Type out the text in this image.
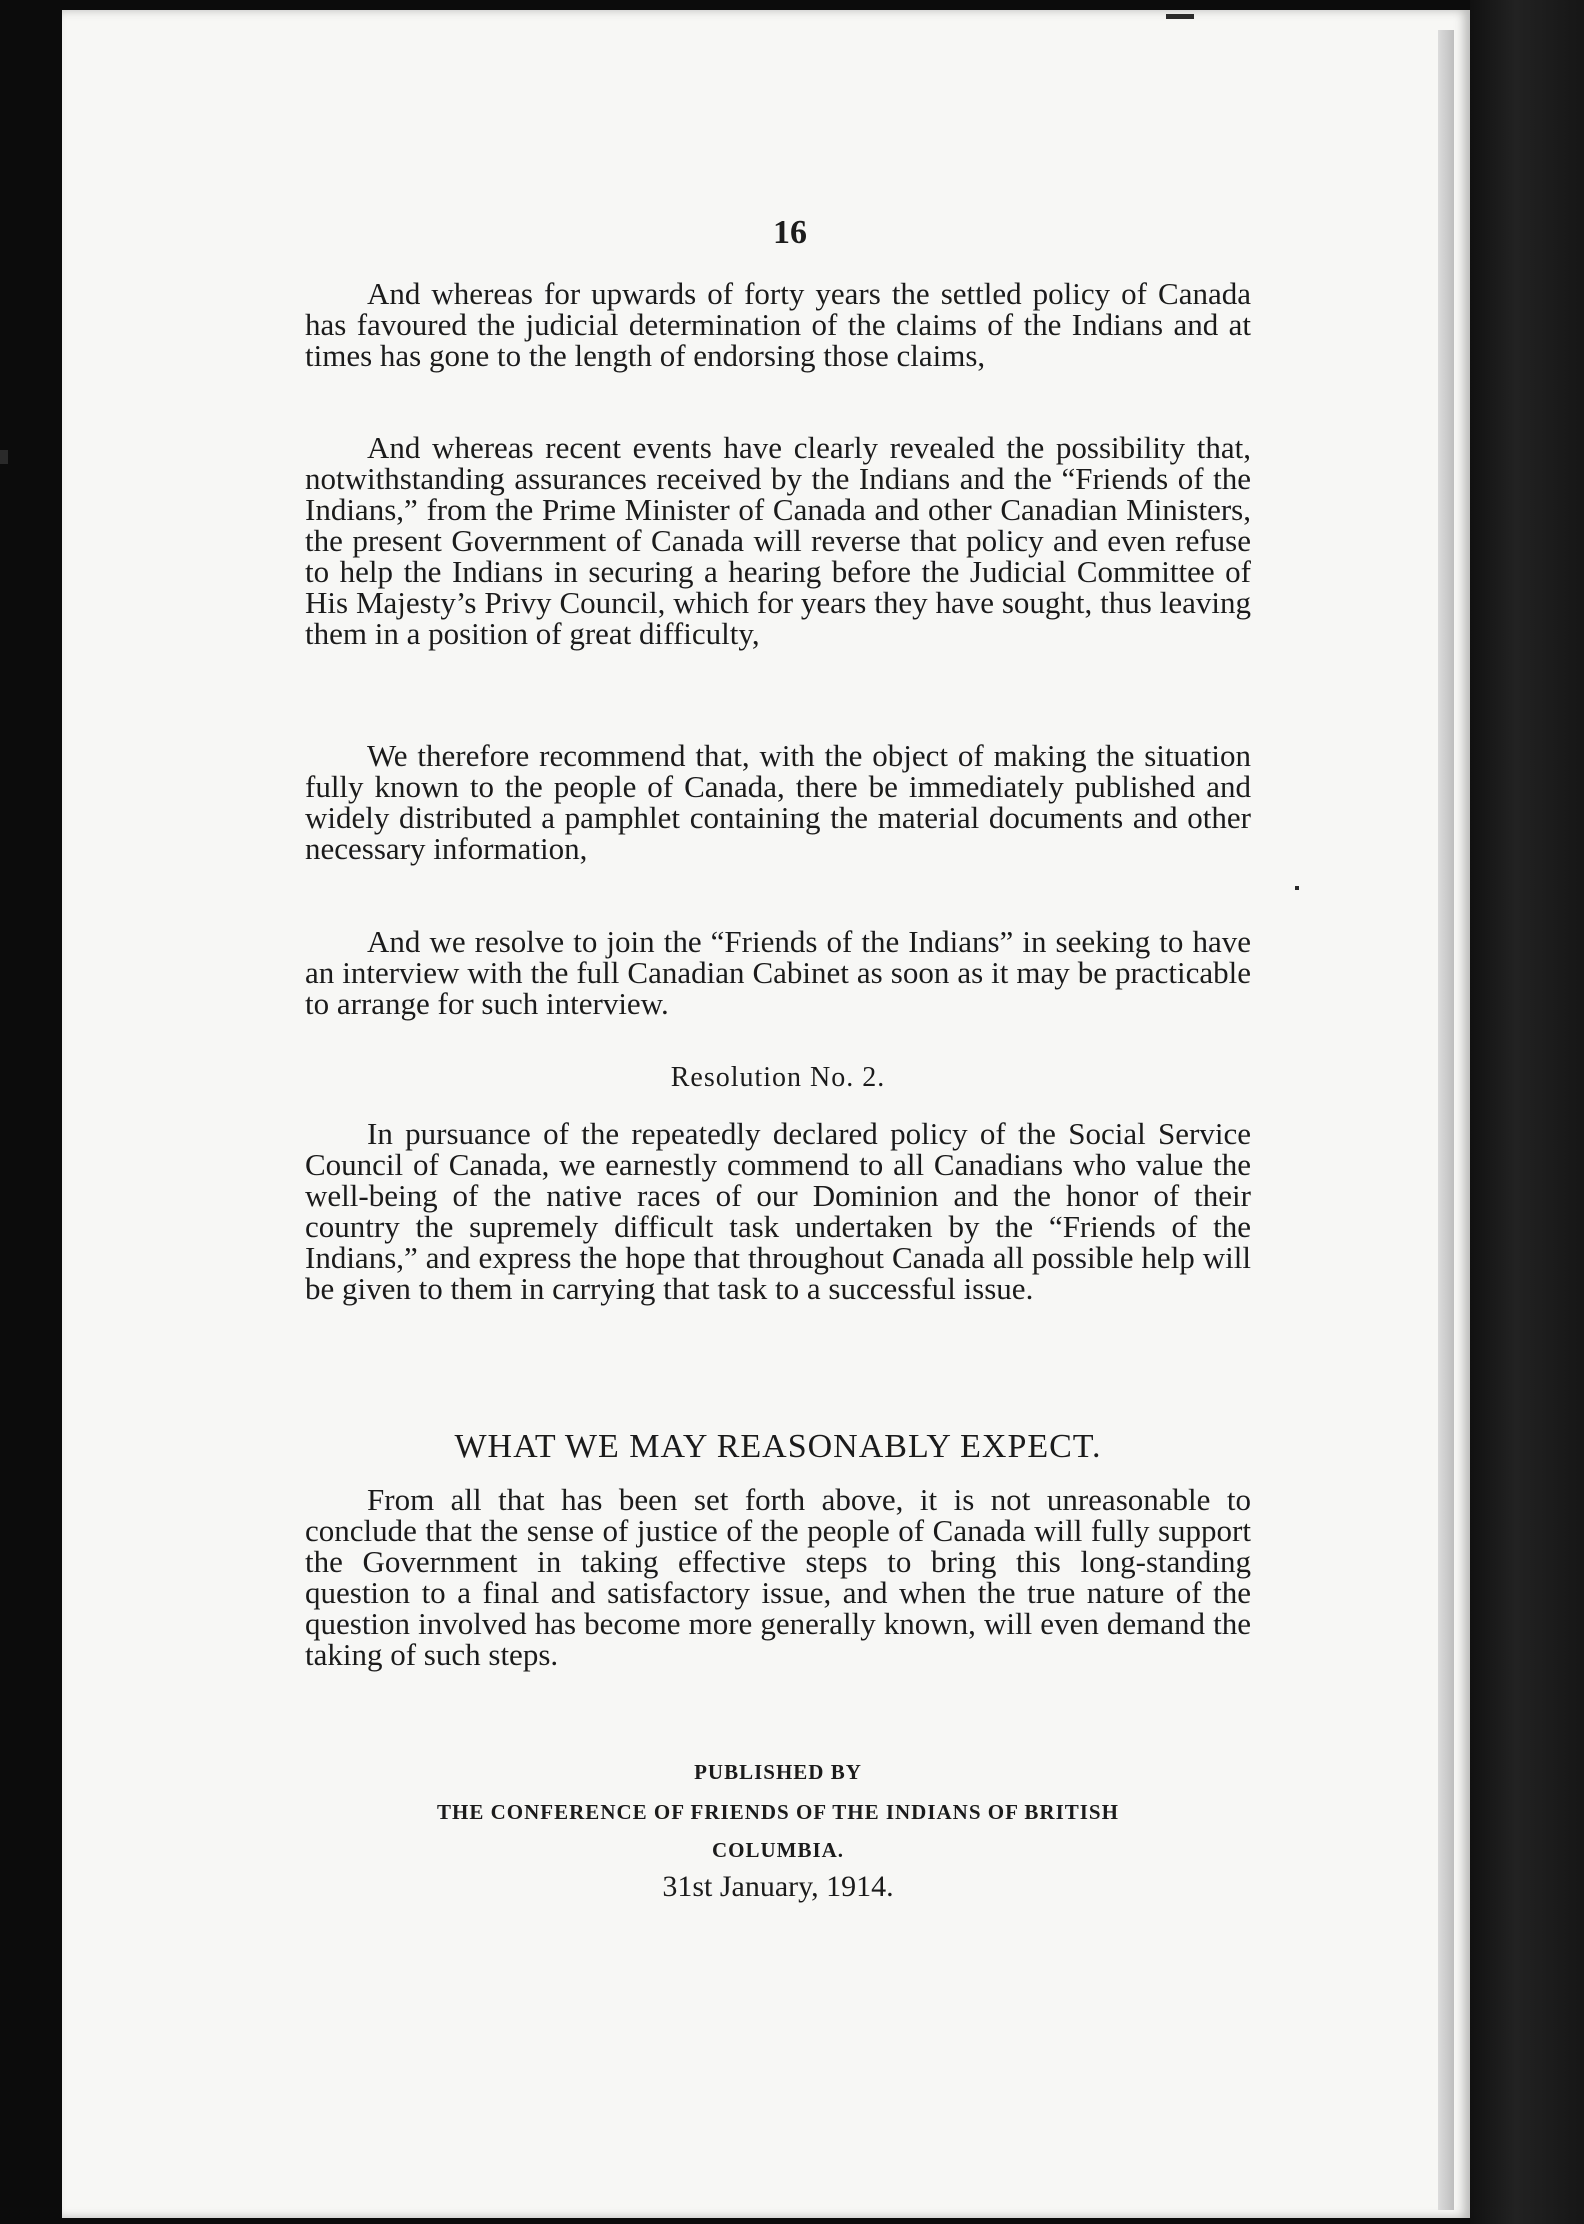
16

And whereas for upwards of forty years the settled policy of Canada has favoured the judicial determination of the claims of the Indians and at times has gone to the length of endorsing those claims,

And whereas recent events have clearly revealed the possibility that, notwithstanding assurances received by the Indians and the “Friends of the Indians,” from the Prime Minister of Canada and other Canadian Ministers, the present Government of Canada will reverse that policy and even refuse to help the Indians in securing a hearing before the Judicial Committee of His Majesty’s Privy Council, which for years they have sought, thus leaving them in a position of great difficulty,

We therefore recommend that, with the object of making the situation fully known to the people of Canada, there be immediately published and widely distributed a pamphlet containing the material documents and other necessary information,

And we resolve to join the “Friends of the Indians” in seeking to have an interview with the full Canadian Cabinet as soon as it may be practicable to arrange for such interview.

Resolution No. 2.

In pursuance of the repeatedly declared policy of the Social Service Council of Canada, we earnestly commend to all Canadians who value the well-being of the native races of our Dominion and the honor of their country the supremely difficult task undertaken by the “Friends of the Indians,” and express the hope that throughout Canada all possible help will be given to them in carrying that task to a successful issue.

WHAT WE MAY REASONABLY EXPECT.

From all that has been set forth above, it is not unreasonable to conclude that the sense of justice of the people of Canada will fully support the Government in taking effective steps to bring this long-standing question to a final and satisfactory issue, and when the true nature of the question involved has become more generally known, will even demand the taking of such steps.

PUBLISHED BY
THE CONFERENCE OF FRIENDS OF THE INDIANS OF BRITISH
COLUMBIA.
31st January, 1914.
